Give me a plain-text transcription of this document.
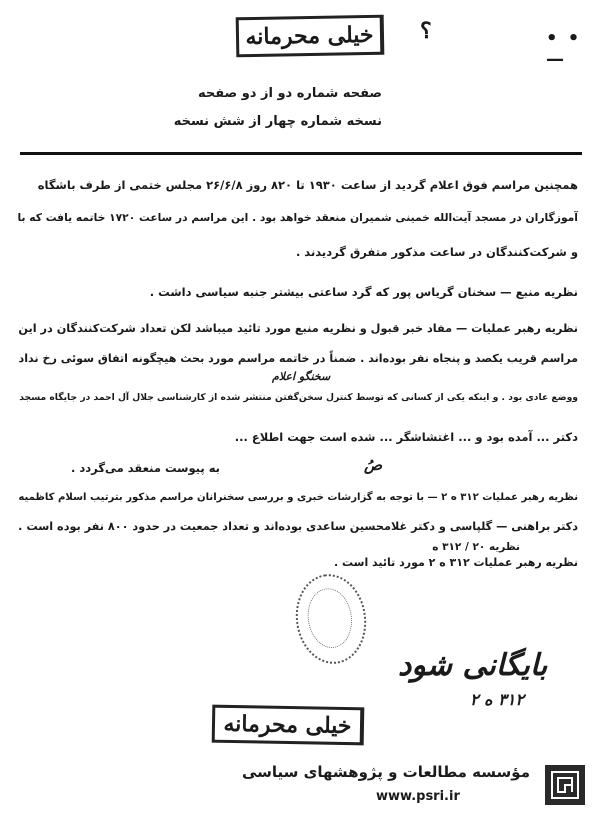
خیلی محرمانه	؟	• • —
صفحه شماره دو از دو صفحه
نسخه شماره چهار از شش نسخه
همچنین مراسم فوق اعلام گردید از ساعت ۱۹۳۰ تا ۸۲۰ روز ۲۶/۶/۸ مجلس ختمی از طرف باشگاه
آموزگاران در مسجد آیت‌الله خمینی شمیران منعقد خواهد بود . این مراسم در ساعت ۱۷۲۰ خاتمه یافت که با
و شرکت‌کنندگان در ساعت مذکور متفرق گردیدند .
نظریه منبع — سخنان گریاس پور که گرد ساعتی بیشتر جنبه سیاسی داشت .
نظریه رهبر عملیات — مفاد خبر قبول و نظریه منبع مورد تائید میباشد لکن تعداد شرکت‌کنندگان در این
مراسم قریب یکصد و پنجاه نفر بوده‌اند . ضمناً در خاتمه مراسم مورد بحث هیچگونه اتفاق سوئی رخ نداد
سخنگو اعلام
ووضع عادی بود . و اینکه یکی از کسانی که توسط کنترل سخن‌گفتن منتشر شده از کارشناسی جلال آل احمد در جایگاه مسجد
دکتر ... آمده بود و ... اغتشاشگر ... شده است جهت اطلاع ...
به پیوست منعقد می‌گردد .	صُ
نظریه رهبر عملیات ۳۱۲ ه ۲ — با توجه به گزارشات خبری و بررسی سخنرانان مراسم مذکور بترتیب اسلام کاظمیه
دکتر براهنی — گلپاسی و دکتر غلامحسین ساعدی بوده‌اند و تعداد جمعیت در حدود ۸۰۰ نفر بوده است .
نظریه ۲۰ / ۳۱۲ ه
نظریه رهبر عملیات ۳۱۲ ه ۲ مورد تائید است .
بایگانی شود
۳۱۲ ه ۲
خیلی محرمانه
مؤسسه مطالعات و پژوهشهای سیاسی
www.psri.ir
